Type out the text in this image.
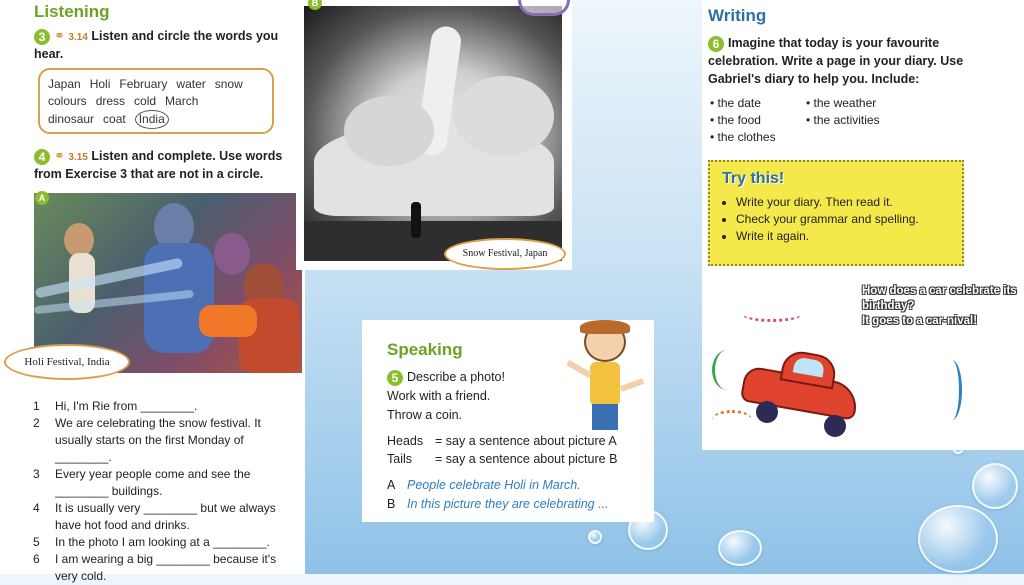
Listening
3 ⚭ 3.14 Listen and circle the words you hear.
Japan Holi February water snow
colours dress cold March
dinosaur coat India
4 ⚭ 3.15 Listen and complete. Use words from Exercise 3 that are not in a circle.
A
Holi Festival, India
1	Hi, I'm Rie from ________.
2	We are celebrating the snow festival. It usually starts on the first Monday of ________.
3	Every year people come and see the ________ buildings.
4	It is usually very ________ but we always have hot food and drinks.
5	In the photo I am looking at a ________.
6	I am wearing a big ________ because it's very cold.
B
Snow Festival, Japan
Speaking
5 Describe a photo!
Work with a friend.
Throw a coin.
Heads = say a sentence about picture A
Tails = say a sentence about picture B
A People celebrate Holi in March.
B In this picture they are celebrating ...
Writing
6 Imagine that today is your favourite celebration. Write a page in your diary. Use Gabriel's diary to help you. Include:
• the date
• the food
• the clothes
• the weather
• the activities
Try this!
• Write your diary. Then read it.
• Check your grammar and spelling.
• Write it again.
How does a car celebrate its birthday?
It goes to a car-nival!
